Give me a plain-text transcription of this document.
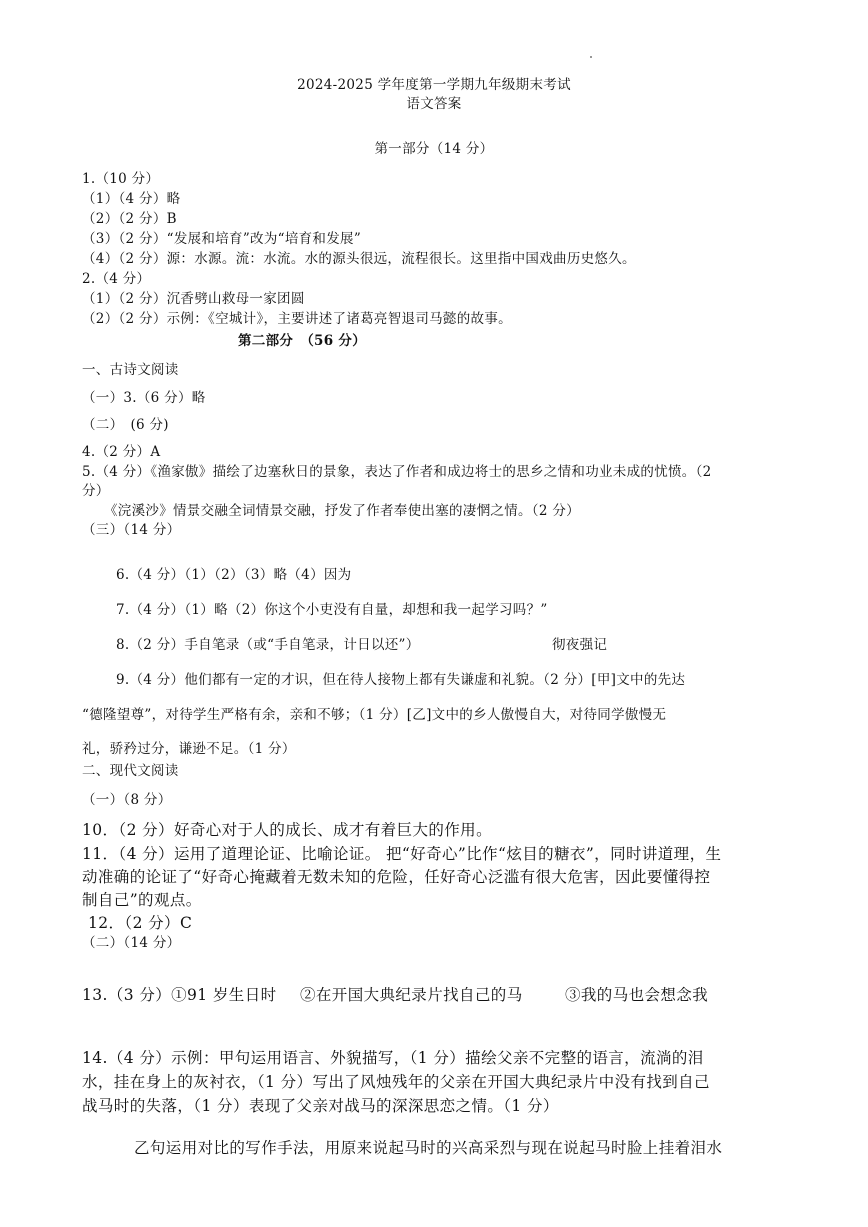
2024-2025 学年度第一学期九年级期末考试
语文答案
第一部分（14 分）
1.（10 分）
（1）（4 分）略
（2）（2 分）B
（3）（2 分）“发展和培育”改为“培育和发展”
（4）（2 分）源：水源。流：水流。水的源头很远，流程很长。这里指中国戏曲历史悠久。
2.（4 分）
（1）（2 分）沉香劈山救母一家团圆
（2）（2 分）示例：《空城计》，主要讲述了诸葛亮智退司马懿的故事。
第二部分　（56 分）
一、古诗文阅读
（一）3.（6 分）略
（二）　(6 分)
4.（2 分）A
5.（4 分）《渔家傲》描绘了边塞秋日的景象，表达了作者和成边将士的思乡之情和功业未成的忧愤。（2
分）
《浣溪沙》情景交融全词情景交融，抒发了作者奉使出塞的凄惘之情。（2 分）
（三）（14 分）
6.（4 分）（1）（2）（3）略（4）因为
7.（4 分）（1）略（2）你这个小吏没有自量，却想和我一起学习吗？”
8.（2 分）手自笔录（或“手自笔录，计日以还”）	彻夜强记
9.（4 分）他们都有一定的才识，但在待人接物上都有失谦虚和礼貌。（2 分）[甲]文中的先达
“德隆望尊”，对待学生严格有余，亲和不够；（1 分）[乙]文中的乡人傲慢自大，对待同学傲慢无
礼，骄矜过分，谦逊不足。（1 分）
二、现代文阅读
（一）（8 分）
10．（2 分）好奇心对于人的成长、成才有着巨大的作用。
11．（4 分）运用了道理论证、比喻论证。 把“好奇心”比作“炫目的糖衣”，同时讲道理，生
动准确的论证了“好奇心掩藏着无数未知的危险，任好奇心泛滥有很大危害，因此要懂得控
制自己”的观点。
12．（2 分）C
（二）（14 分）
13.（3 分）①91 岁生日时 ②在开国大典纪录片找自己的马	③我的马也会想念我
14.（4 分）示例：甲句运用语言、外貌描写，（1 分）描绘父亲不完整的语言，流淌的泪
水，挂在身上的灰衬衣，（1 分）写出了风烛残年的父亲在开国大典纪录片中没有找到自己
战马时的失落，（1 分）表现了父亲对战马的深深思恋之情。（1 分）
乙句运用对比的写作手法，用原来说起马时的兴高采烈与现在说起马时脸上挂着泪水
